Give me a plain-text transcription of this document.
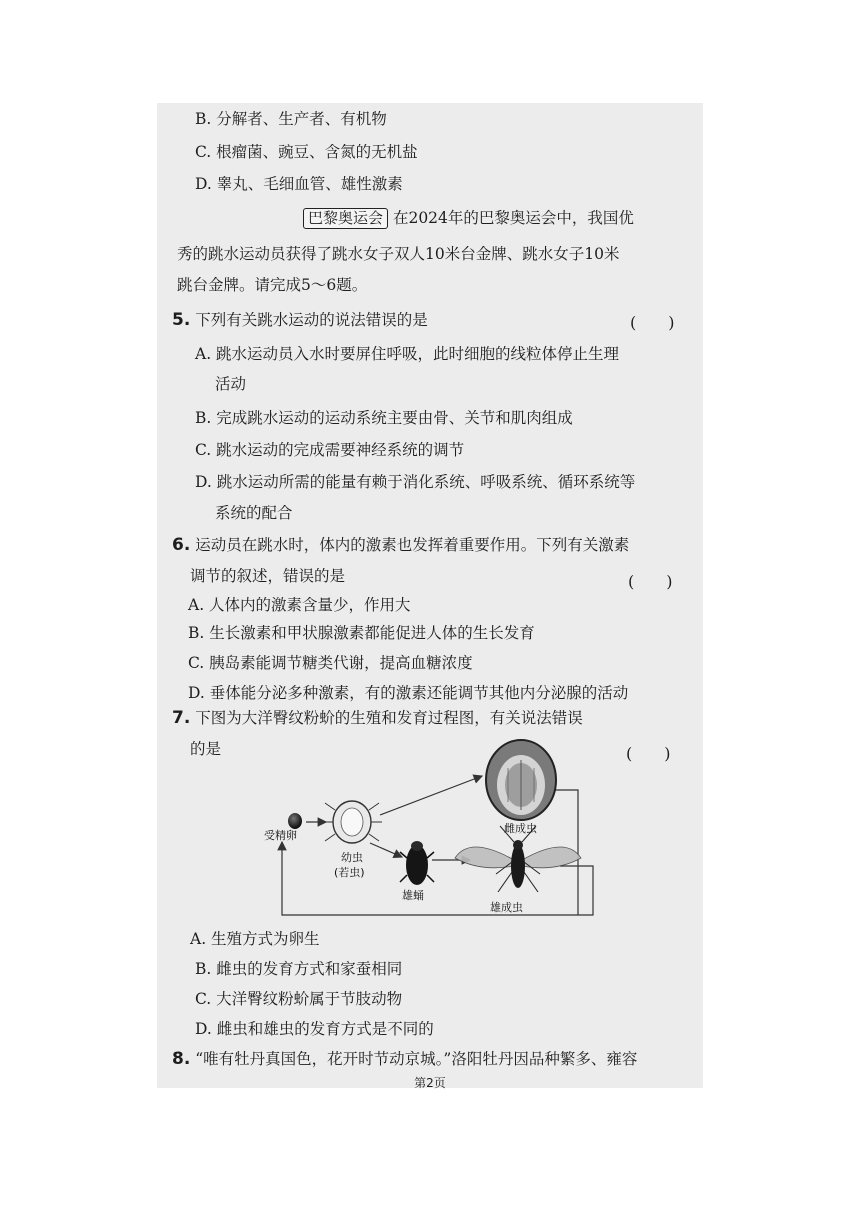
B. 分解者、生产者、有机物
C. 根瘤菌、豌豆、含氮的无机盐
D. 睾丸、毛细血管、雄性激素
巴黎奥运会 在2024年的巴黎奥运会中，我国优
秀的跳水运动员获得了跳水女子双人10米台金牌、跳水女子10米
跳台金牌。请完成5～6题。
5. 下列有关跳水运动的说法错误的是	(　　)
A. 跳水运动员入水时要屏住呼吸，此时细胞的线粒体停止生理
活动
B. 完成跳水运动的运动系统主要由骨、关节和肌肉组成
C. 跳水运动的完成需要神经系统的调节
D. 跳水运动所需的能量有赖于消化系统、呼吸系统、循环系统等
系统的配合
6. 运动员在跳水时，体内的激素也发挥着重要作用。下列有关激素
调节的叙述，错误的是	(　　)
A. 人体内的激素含量少，作用大
B. 生长激素和甲状腺激素都能促进人体的生长发育
C. 胰岛素能调节糖类代谢，提高血糖浓度
D. 垂体能分泌多种激素，有的激素还能调节其他内分泌腺的活动
7. 下图为大洋臀纹粉蚧的生殖和发育过程图，有关说法错误
的是	(　　)
受精卵
幼虫
(若虫)
雄蛹
雌成虫
雄成虫
A. 生殖方式为卵生
B. 雌虫的发育方式和家蚕相同
C. 大洋臀纹粉蚧属于节肢动物
D. 雌虫和雄虫的发育方式是不同的
8. “唯有牡丹真国色，花开时节动京城。”洛阳牡丹因品种繁多、雍容
第2页
